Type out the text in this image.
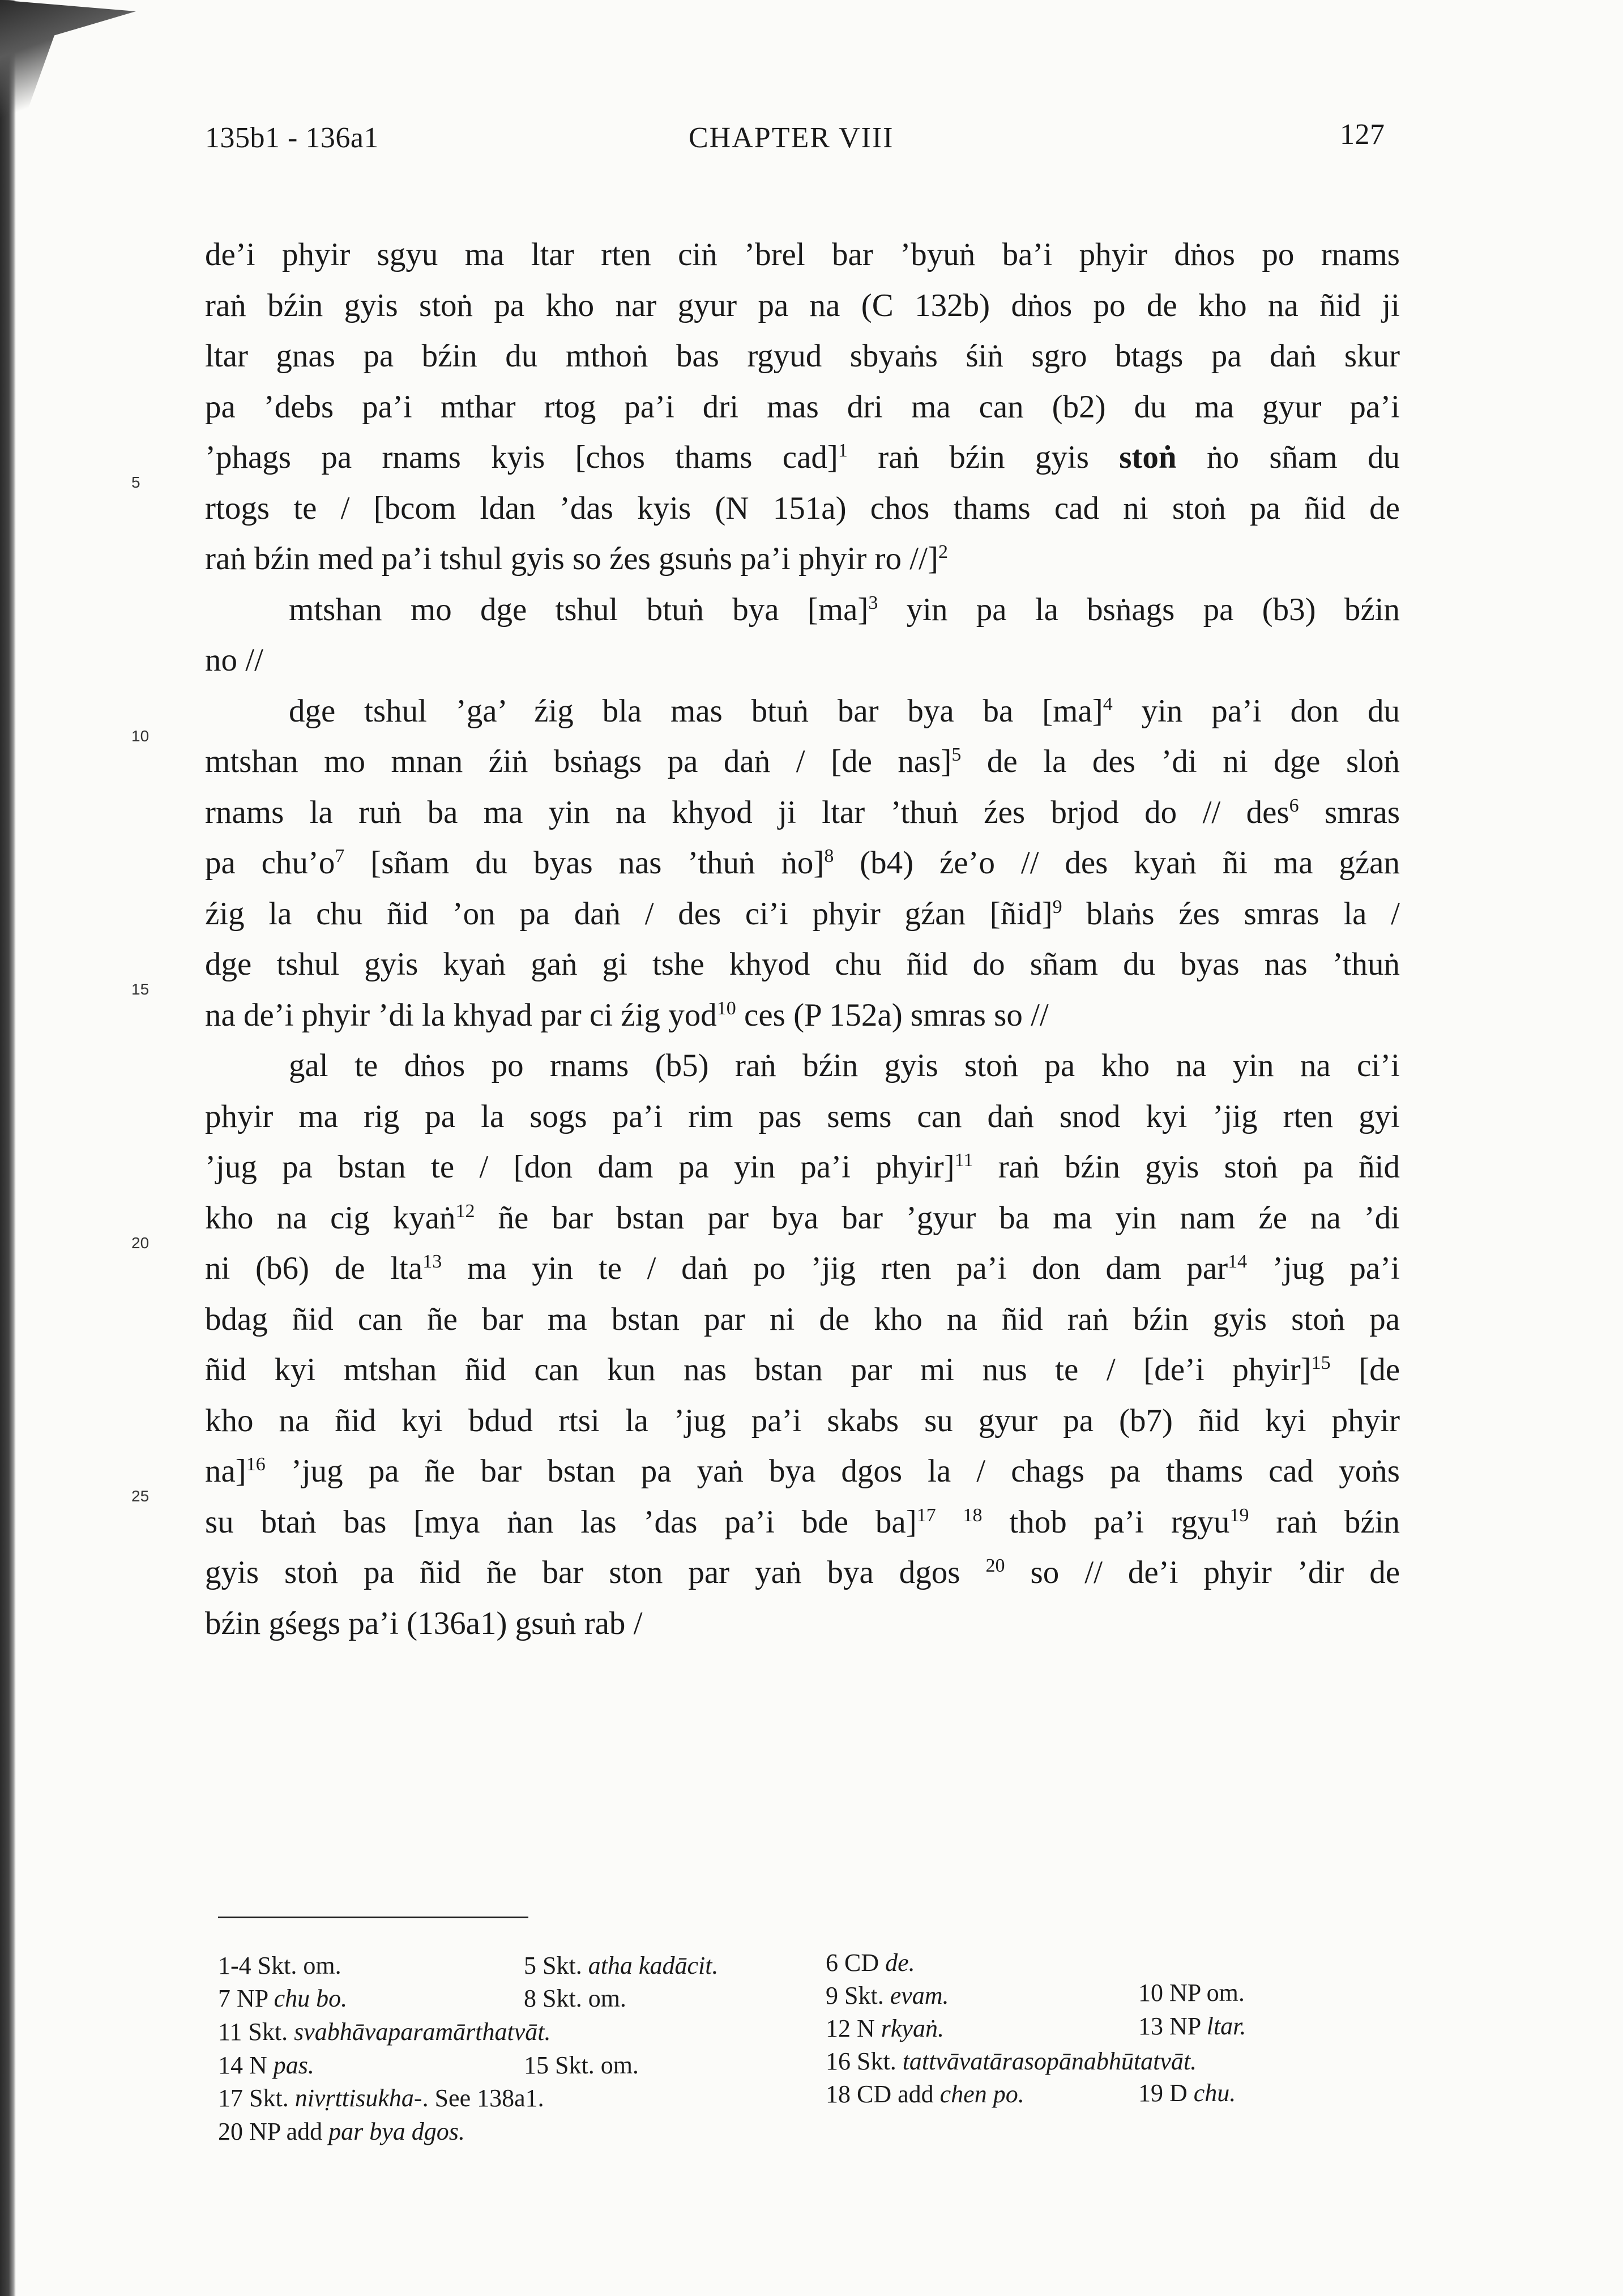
135b1 - 136a1	CHAPTER VIII	127
de’i phyir sgyu ma ltar rten ciṅ ’brel bar ’byuṅ ba’i phyir dṅos po rnams
raṅ bźin gyis stoṅ pa kho nar gyur pa na (C 132b) dṅos po de kho na ñid ji
ltar gnas pa bźin du mthoṅ bas rgyud sbyaṅs śiṅ sgro btags pa daṅ skur
pa ’debs pa’i mthar rtog pa’i dri mas dri ma can (b2) du ma gyur pa’i
’phags pa rnams kyis [chos thams cad]$^1$ raṅ bźin gyis stoṅ ṅo sñam du
rtogs te / [bcom ldan ’das kyis (N 151a) chos thams cad ni stoṅ pa ñid de
raṅ bźin med pa’i tshul gyis so źes gsuṅs pa’i phyir ro //]$^2$
mtshan mo dge tshul btuṅ bya [ma]$^3$ yin pa la bsṅags pa (b3) bźin
no //
dge tshul ’ga’ źig bla mas btuṅ bar bya ba [ma]$^4$ yin pa’i don du
mtshan mo mnan źiṅ bsṅags pa daṅ / [de nas]$^5$ de la des ’di ni dge sloṅ
rnams la ruṅ ba ma yin na khyod ji ltar ’thuṅ źes brjod do // des$^6$ smras
pa $chu’o^7$ [sñam du byas nas ’thuṅ ṅo]$^8$ (b4) źe’o // des kyaṅ ñi ma gźan
źig la chu ñid ’on pa daṅ / des ci’i phyir gźan [ñid]$^9$ blaṅs źes smras la /
dge tshul gyis kyaṅ gaṅ gi tshe khyod chu ñid do sñam du byas nas ’thuṅ
na de’i phyir ’di la khyad par ci źig yod$^{10}$ ces (P 152a) smras so //
gal te dṅos po rnams (b5) raṅ bźin gyis stoṅ pa kho na yin na ci’i
phyir ma rig pa la sogs pa’i rim pas sems can daṅ snod kyi ’jig rten gyi
’jug pa bstan te / [don dam pa yin pa’i phyir]$^{11}$ raṅ bźin gyis stoṅ pa ñid
kho na cig kyaṅ$^{12}$ ñe bar bstan par bya bar ’gyur ba ma yin nam źe na ’di
ni (b6) de lta$^{13}$ ma yin te / daṅ po ’jig rten pa’i don dam par$^{14}$ ’jug pa’i
bdag ñid can ñe bar ma bstan par ni de kho na ñid raṅ bźin gyis stoṅ pa
ñid kyi mtshan ñid can kun nas bstan par mi nus te / [de’i phyir]$^{15}$ [de
kho na ñid kyi bdud rtsi la ’jug pa’i skabs su gyur pa (b7) ñid kyi phyir
na]$^{16}$ ’jug pa ñe bar bstan pa yaṅ bya dgos la / chags pa thams cad yoṅs
su btaṅ bas [mya ṅan las ’das pa’i bde ba]$^{17}$ $^{18}$ thob pa’i rgyu$^{19}$ raṅ bźin
gyis stoṅ pa ñid ñe bar ston par yaṅ bya dgos $^{20}$ so // de’i phyir ’dir de
bźin gśegs pa’i (136a1) gsuṅ rab /
5
10
15
20
25
1-4 Skt. om.	5 Skt. atha kadācit.	6 CD de.
7 NP chu bo.	8 Skt. om.	9 Skt. evam.	10 NP om.
11 Skt. svabhāvaparamārthatvāt.	12 N rkyaṅ.	13 NP ltar.
14 N pas.	15 Skt. om.	16 Skt. tattvāvatārasopānabhūtatvāt.
17 Skt. nivṛttisukha-. See 138a1.	18 CD add chen po.	19 D chu.
20 NP add par bya dgos.
